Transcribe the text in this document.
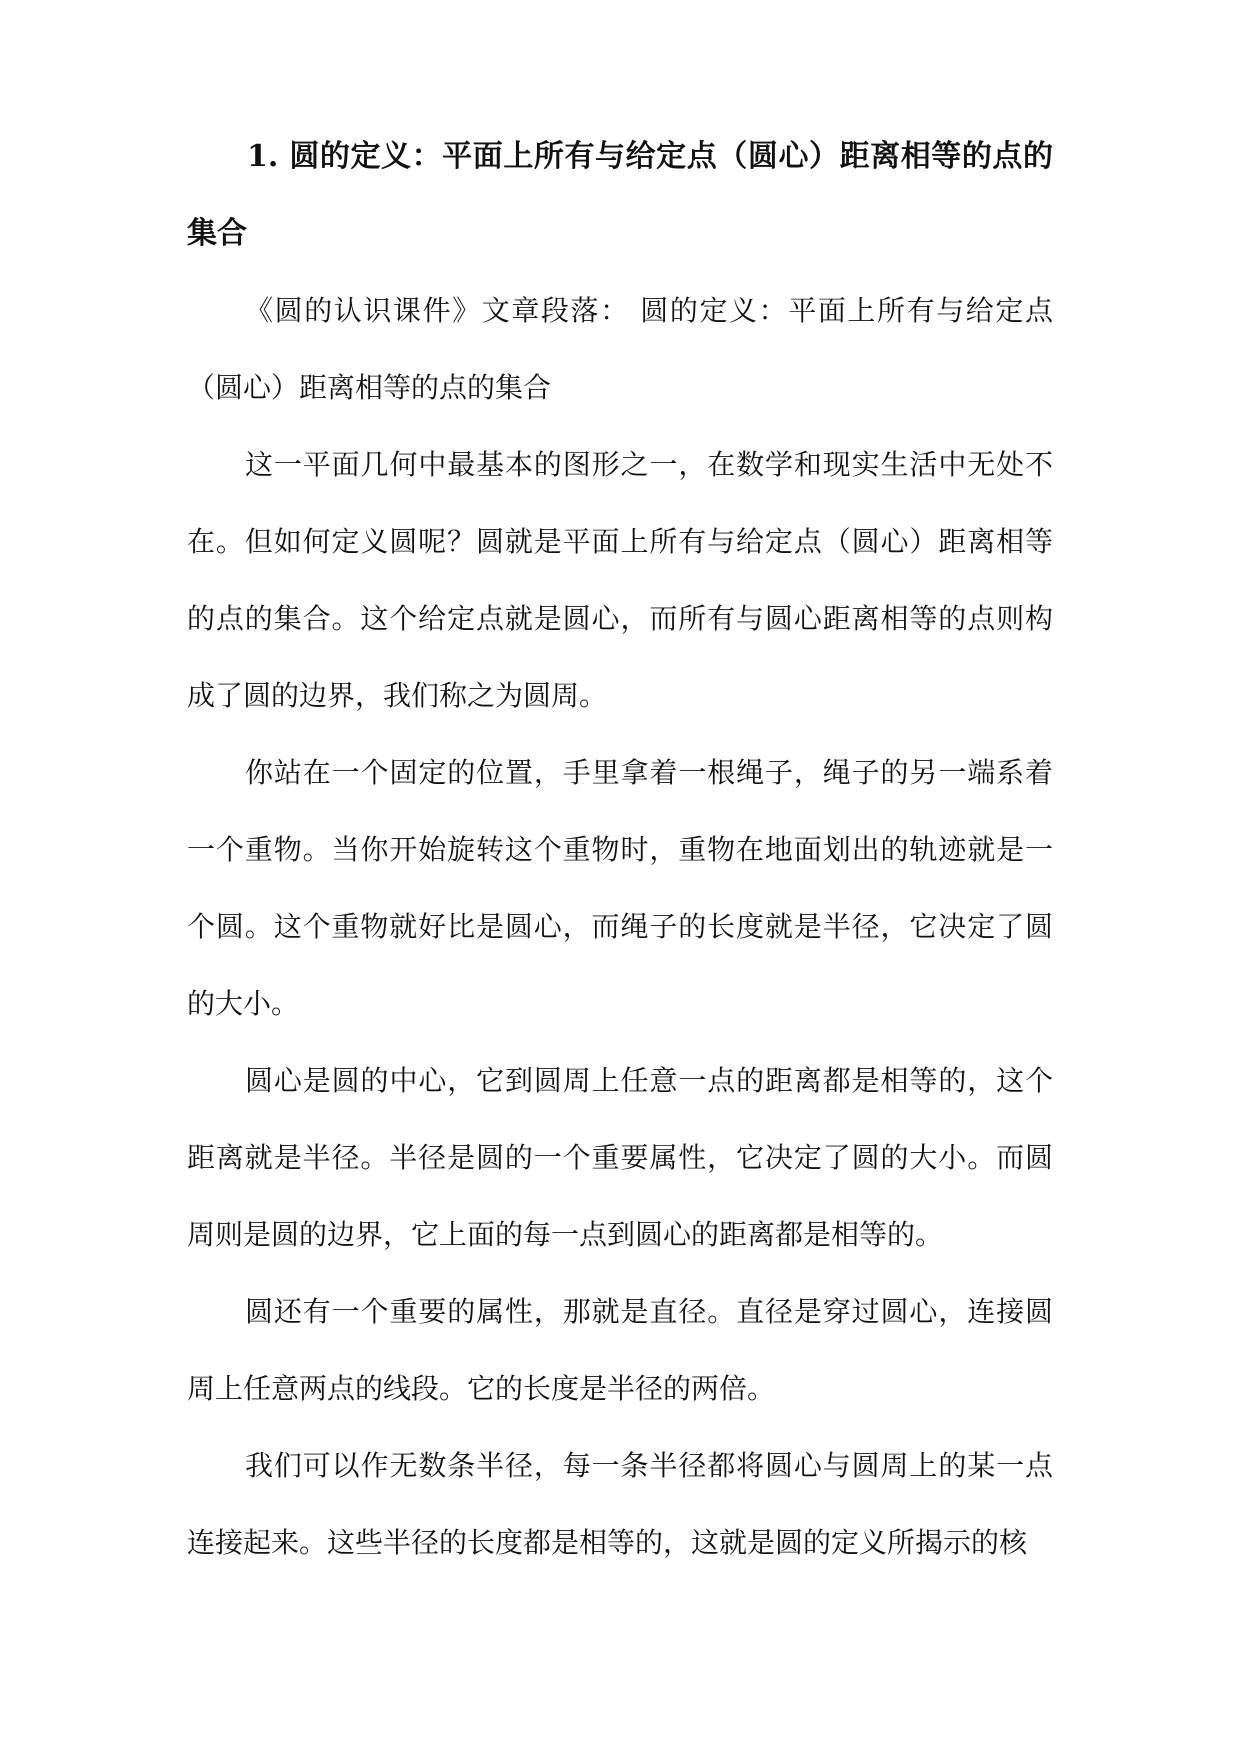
1. 圆的定义：平面上所有与给定点（圆心）距离相等的点的集合

《圆的认识课件》文章段落： 圆的定义：平面上所有与给定点（圆心）距离相等的点的集合

这一平面几何中最基本的图形之一，在数学和现实生活中无处不在。但如何定义圆呢？圆就是平面上所有与给定点（圆心）距离相等的点的集合。这个给定点就是圆心，而所有与圆心距离相等的点则构成了圆的边界，我们称之为圆周。

你站在一个固定的位置，手里拿着一根绳子，绳子的另一端系着一个重物。当你开始旋转这个重物时，重物在地面划出的轨迹就是一个圆。这个重物就好比是圆心，而绳子的长度就是半径，它决定了圆的大小。

圆心是圆的中心，它到圆周上任意一点的距离都是相等的，这个距离就是半径。半径是圆的一个重要属性，它决定了圆的大小。而圆周则是圆的边界，它上面的每一点到圆心的距离都是相等的。

圆还有一个重要的属性，那就是直径。直径是穿过圆心，连接圆周上任意两点的线段。它的长度是半径的两倍。

我们可以作无数条半径，每一条半径都将圆心与圆周上的某一点连接起来。这些半径的长度都是相等的，这就是圆的定义所揭示的核
